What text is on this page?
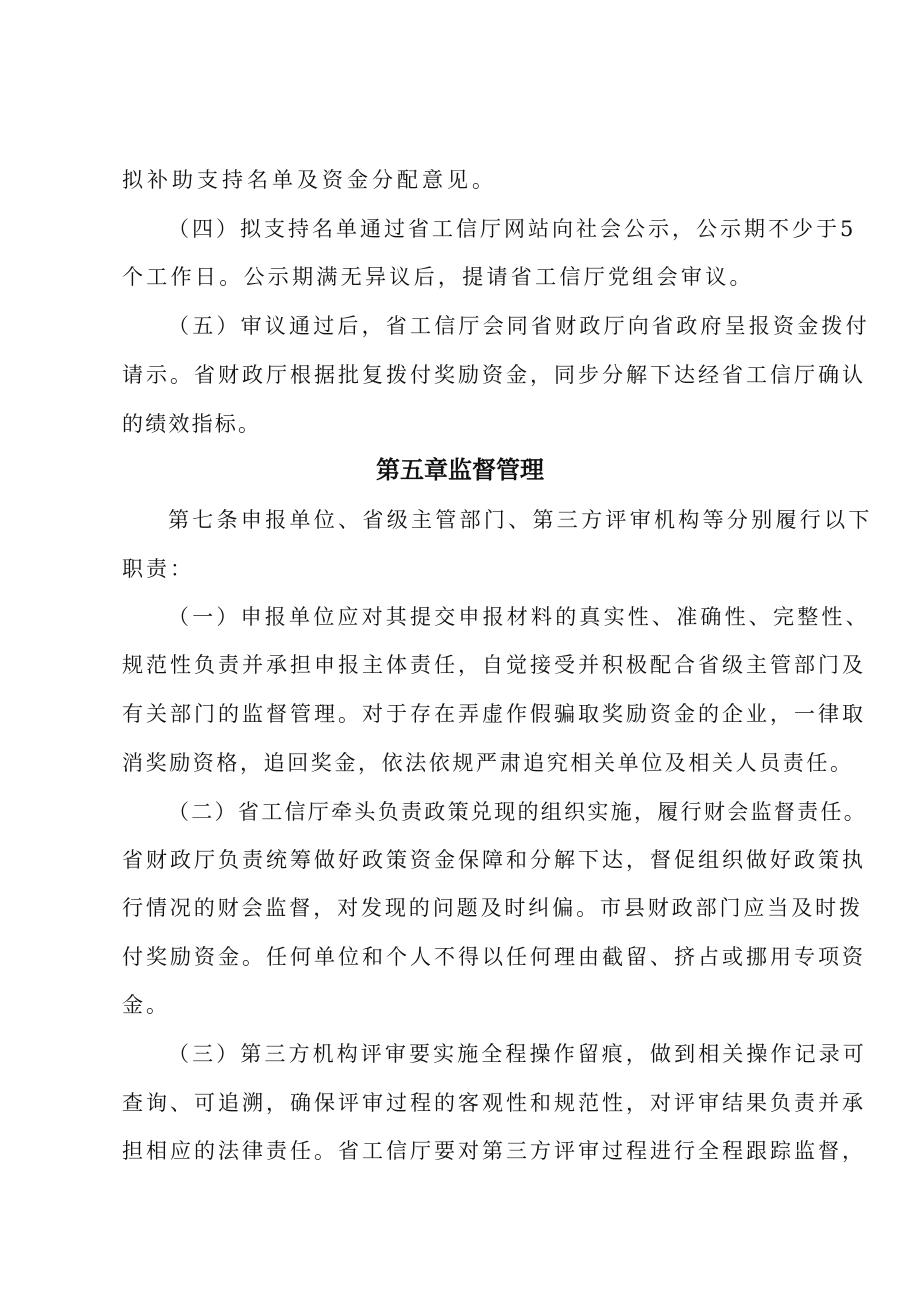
拟补助支持名单及资金分配意见。
（四）拟支持名单通过省工信厅网站向社会公示，公示期不少于5
个工作日。公示期满无异议后，提请省工信厅党组会审议。
（五）审议通过后，省工信厅会同省财政厅向省政府呈报资金拨付
请示。省财政厅根据批复拨付奖励资金，同步分解下达经省工信厅确认
的绩效指标。
第五章监督管理
第七条申报单位、省级主管部门、第三方评审机构等分别履行以下
职责：
（一）申报单位应对其提交申报材料的真实性、准确性、完整性、
规范性负责并承担申报主体责任，自觉接受并积极配合省级主管部门及
有关部门的监督管理。对于存在弄虚作假骗取奖励资金的企业，一律取
消奖励资格，追回奖金，依法依规严肃追究相关单位及相关人员责任。
（二）省工信厅牵头负责政策兑现的组织实施，履行财会监督责任。
省财政厅负责统筹做好政策资金保障和分解下达，督促组织做好政策执
行情况的财会监督，对发现的问题及时纠偏。市县财政部门应当及时拨
付奖励资金。任何单位和个人不得以任何理由截留、挤占或挪用专项资
金。
（三）第三方机构评审要实施全程操作留痕，做到相关操作记录可
查询、可追溯，确保评审过程的客观性和规范性，对评审结果负责并承
担相应的法律责任。省工信厅要对第三方评审过程进行全程跟踪监督，
